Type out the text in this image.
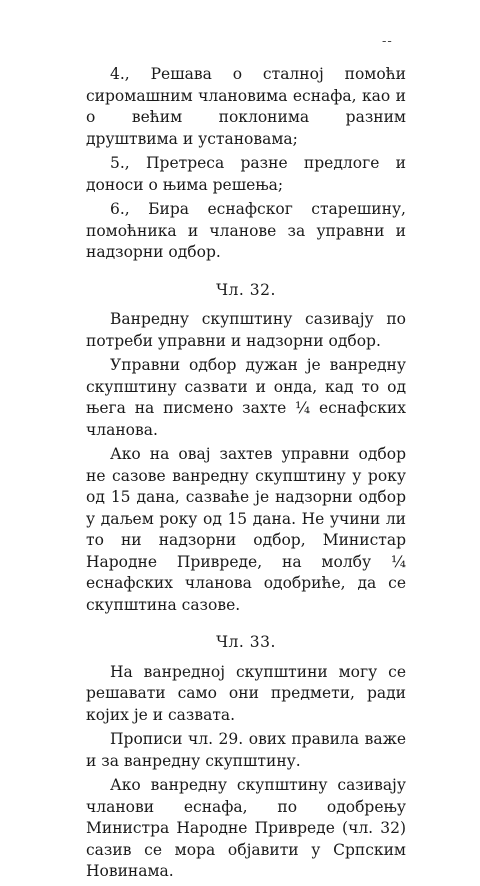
--

4., Решава о сталној помоћи сиромашним члановима еснафа, као и о већим поклонима разним друштвима и установама;

5., Претреса разне предлоге и доноси о њима решења;

6., Бира еснафског старешину, помоћника и чланове за управни и надзорни одбор.

Чл. 32.

Ванредну скупштину сазивају по потреби управни и надзорни одбор.

Управни одбор дужан је ванредну скупштину сазвати и онда, кад то од њега на писмено захте ¼ еснафских чланова.

Ако на овај захтев управни одбор не сазове ванредну скупштину у року од 15 дана, сазваће је надзорни одбор у даљем року од 15 дана. Не учини ли то ни надзорни одбор, Министар Народне Привреде, на молбу ¼ еснафских чланова одобриће, да се скупштина сазове.

Чл. 33.

На ванредној скупштини могу се решавати само они предмети, ради којих је и сазвата.

Прописи чл. 29. ових правила важе и за ванредну скупштину.

Ако ванредну скупштину сазивају чланови еснафа, по одобрењу Министра Народне Привреде (чл. 32) сазив се мора објавити у Српским Новинама.
